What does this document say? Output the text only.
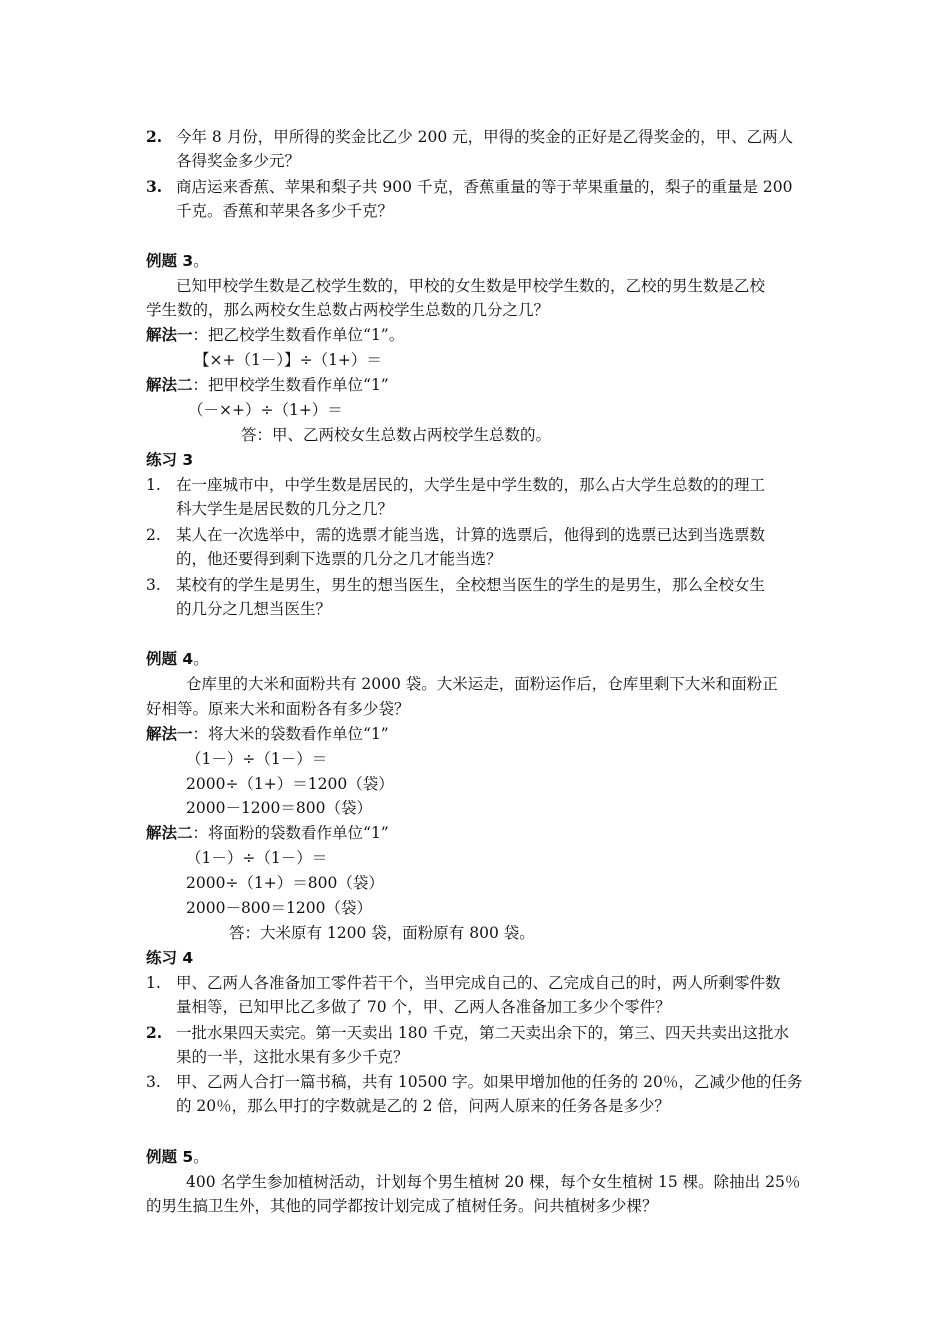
2. 今年 8 月份，甲所得的奖金比乙少 200 元，甲得的奖金的正好是乙得奖金的，甲、乙两人
各得奖金多少元？
3. 商店运来香蕉、苹果和梨子共 900 千克，香蕉重量的等于苹果重量的，梨子的重量是 200
千克。香蕉和苹果各多少千克？
例题 3。
已知甲校学生数是乙校学生数的，甲校的女生数是甲校学生数的，乙校的男生数是乙校
学生数的，那么两校女生总数占两校学生总数的几分之几？
解法一：把乙校学生数看作单位“1”。
【×+（1－）】÷（1+）＝
解法二：把甲校学生数看作单位“1”
（－×+）÷（1+）＝
答：甲、乙两校女生总数占两校学生总数的。
练习 3
1. 在一座城市中，中学生数是居民的，大学生是中学生数的，那么占大学生总数的的理工
科大学生是居民数的几分之几？
2. 某人在一次选举中，需的选票才能当选，计算的选票后，他得到的选票已达到当选票数
的，他还要得到剩下选票的几分之几才能当选？
3. 某校有的学生是男生，男生的想当医生，全校想当医生的学生的是男生，那么全校女生
的几分之几想当医生？
例题 4。
仓库里的大米和面粉共有 2000 袋。大米运走，面粉运作后，仓库里剩下大米和面粉正
好相等。原来大米和面粉各有多少袋？
解法一：将大米的袋数看作单位“1”
（1－）÷（1－）＝
2000÷（1+）＝1200（袋）
2000－1200＝800（袋）
解法二：将面粉的袋数看作单位“1”
（1－）÷（1－）＝
2000÷（1+）＝800（袋）
2000－800＝1200（袋）
答：大米原有 1200 袋，面粉原有 800 袋。
练习 4
1. 甲、乙两人各准备加工零件若干个，当甲完成自己的、乙完成自己的时，两人所剩零件数
量相等，已知甲比乙多做了 70 个，甲、乙两人各准备加工多少个零件？
2. 一批水果四天卖完。第一天卖出 180 千克，第二天卖出余下的，第三、四天共卖出这批水
果的一半，这批水果有多少千克？
3. 甲、乙两人合打一篇书稿，共有 10500 字。如果甲增加他的任务的 20％，乙减少他的任务
的 20％，那么甲打的字数就是乙的 2 倍，问两人原来的任务各是多少？
例题 5。
400 名学生参加植树活动，计划每个男生植树 20 棵，每个女生植树 15 棵。除抽出 25％
的男生搞卫生外，其他的同学都按计划完成了植树任务。问共植树多少棵？
